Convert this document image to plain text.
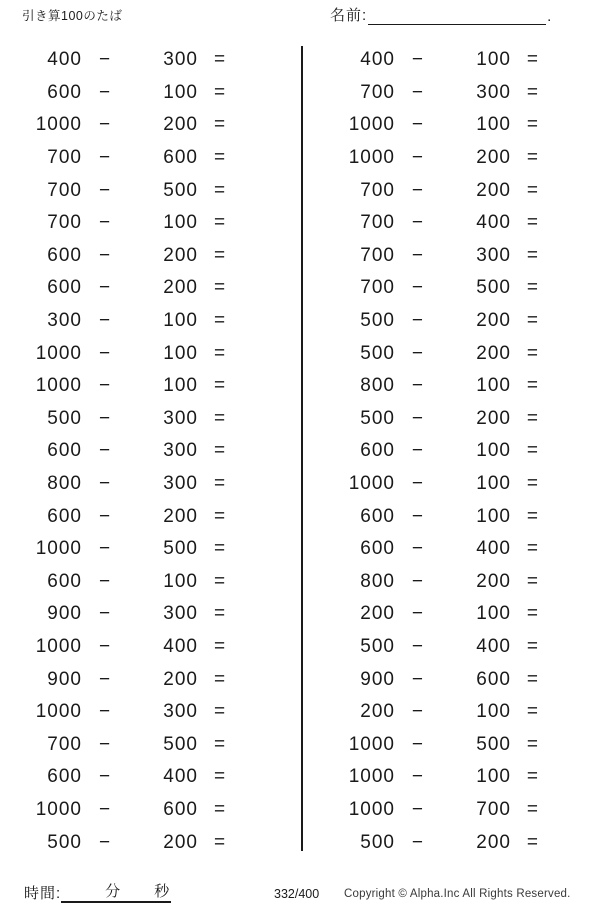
引き算100のたば	名前:	.
400 −	300 =
600 −	100 =
1000 −	200 =
700 −	600 =
700 −	500 =
700 −	100 =
600 −	200 =
600 −	200 =
300 −	100 =
1000 −	100 =
1000 −	100 =
500 −	300 =
600 −	300 =
800 −	300 =
600 −	200 =
1000 −	500 =
600 −	100 =
900 −	300 =
1000 −	400 =
900 −	200 =
1000 −	300 =
700 −	500 =
600 −	400 =
1000 −	600 =
500 −	200 =
400 −	100 =
700 −	300 =
1000 −	100 =
1000 −	200 =
700 −	200 =
700 −	400 =
700 −	300 =
700 −	500 =
500 −	200 =
500 −	200 =
800 −	100 =
500 −	200 =
600 −	100 =
1000 −	100 =
600 −	100 =
600 −	400 =
800 −	200 =
200 −	100 =
500 −	400 =
900 −	600 =
200 −	100 =
1000 −	500 =
1000 −	100 =
1000 −	700 =
500 −	200 =
時間:	分 秒	332/400 Copyright © Alpha.Inc All Rights Reserved.
